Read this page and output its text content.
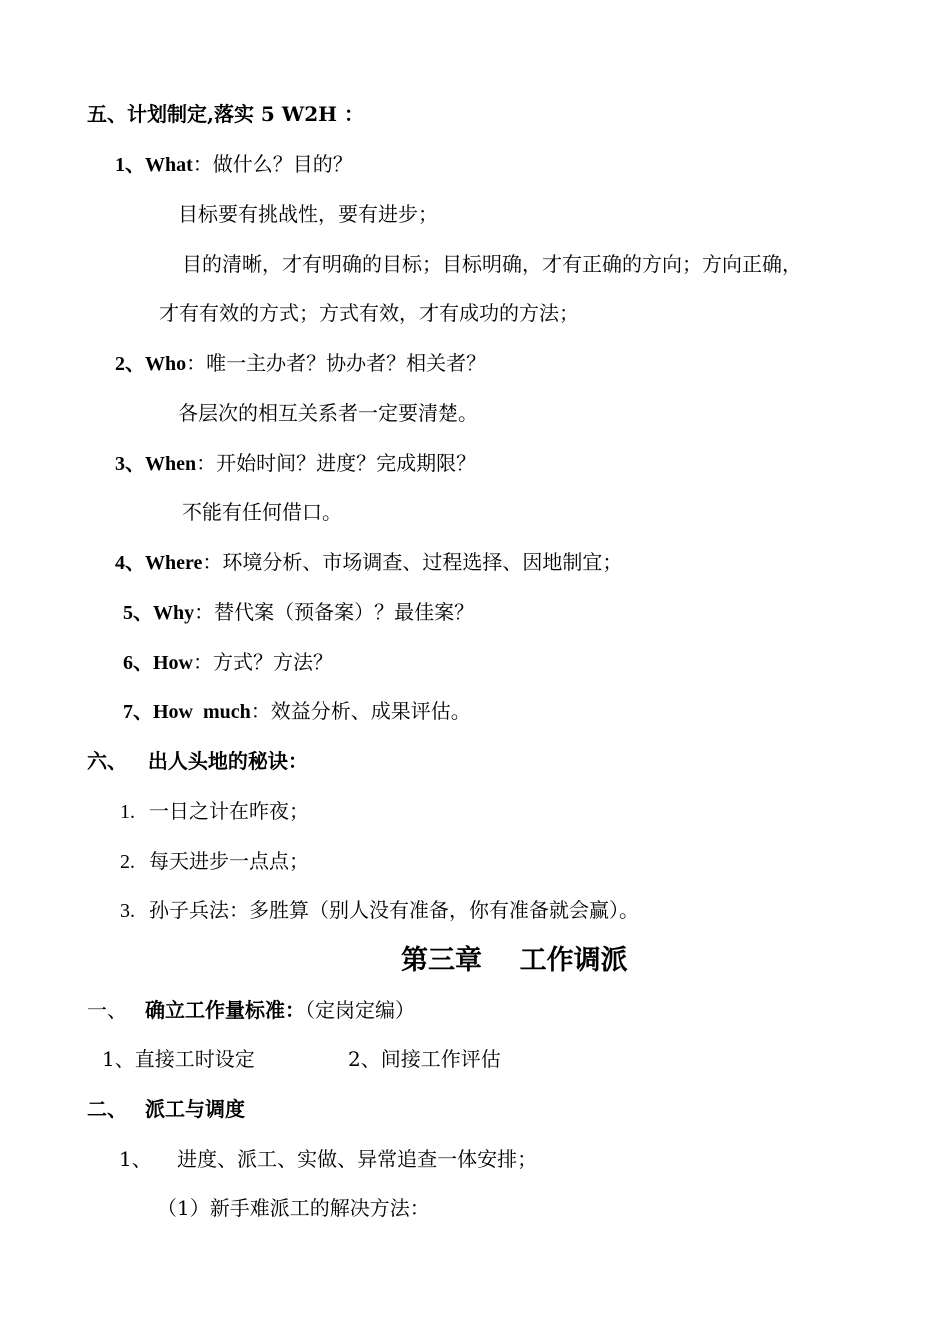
五、计划制定,落实 5 W2H ：
1、What：做什么？目的？
目标要有挑战性，要有进步；
目的清晰，才有明确的目标；目标明确，才有正确的方向；方向正确，
才有有效的方式；方式有效，才有成功的方法；
2、Who：唯一主办者？协办者？相关者？
各层次的相互关系者一定要清楚。
3、When：开始时间？进度？完成期限？
不能有任何借口。
4、Where：环境分析、市场调查、过程选择、因地制宜；
5、Why：替代案（预备案）？最佳案？
6、How：方式？方法？
7、How  much：效益分析、成果评估。
六、   出人头地的秘诀：
1. 一日之计在昨夜；
2. 每天进步一点点；
3. 孙子兵法：多胜算（别人没有准备，你有准备就会赢）。
第三章    工作调派
一、 确立工作量标准：（定岗定编）
1、直接工时设定	2、间接工作评估
二、 派工与调度
1、    进度、派工、实做、异常追查一体安排；
（1）新手难派工的解决方法：
